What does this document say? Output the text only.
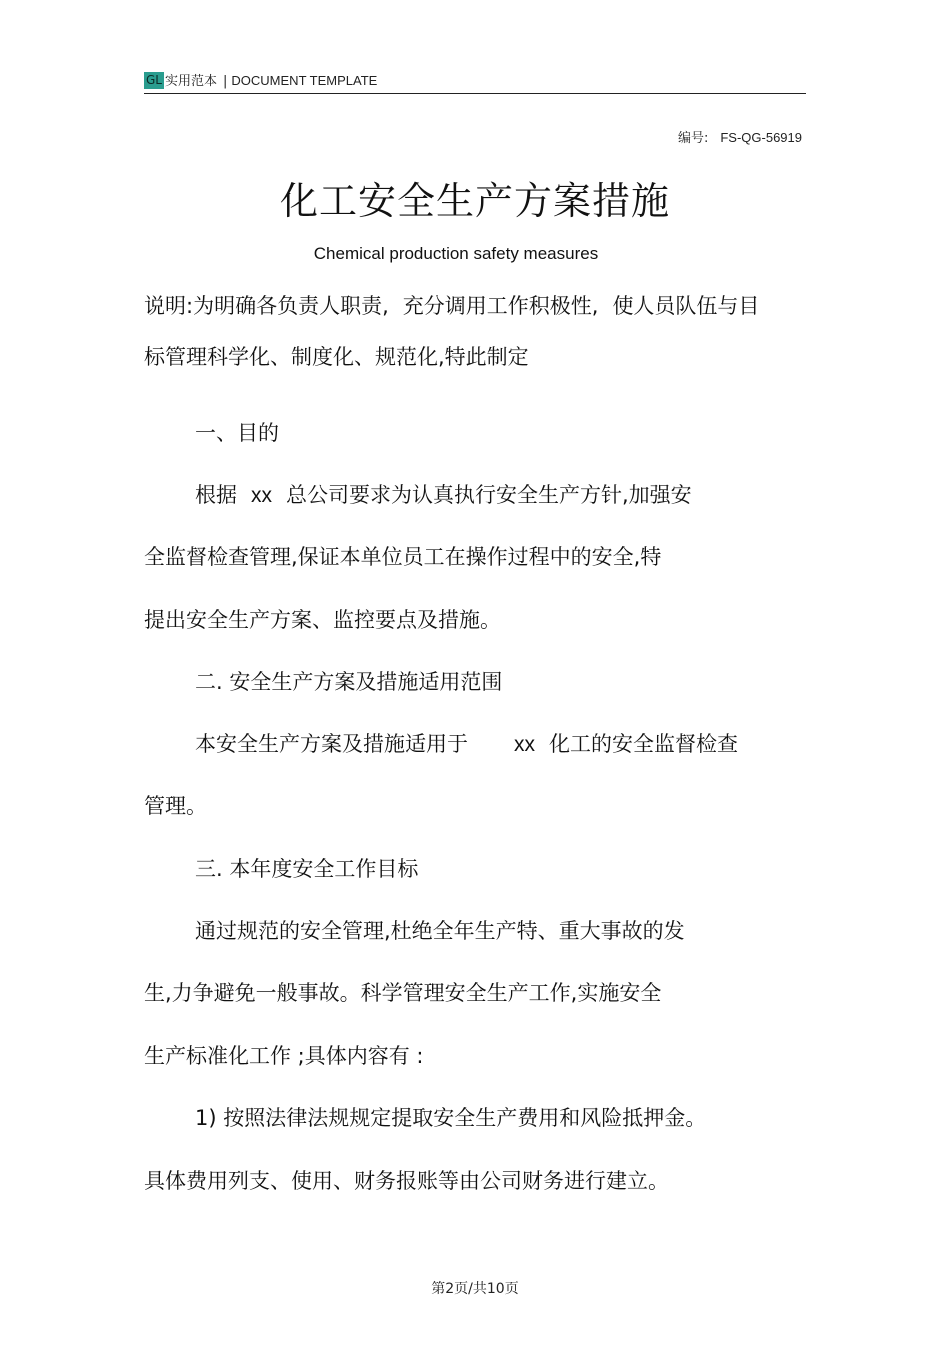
GL 实用范本 | DOCUMENT TEMPLATE
编号: FS-QG-56919
化工安全生产方案措施
Chemical production safety measures
说明:为明确各负责人职责, 充分调用工作积极性, 使人员队伍与目
标管理科学化、制度化、规范化,特此制定
一、目的
根据 xx 总公司要求为认真执行安全生产方针,加强安
全监督检查管理,保证本单位员工在操作过程中的安全,特
提出安全生产方案、监控要点及措施。
二. 安全生产方案及措施适用范围
本安全生产方案及措施适用于 xx 化工的安全监督检查
管理。
三. 本年度安全工作目标
通过规范的安全管理,杜绝全年生产特、重大事故的发
生,力争避免一般事故。科学管理安全生产工作,实施安全
生产标准化工作 ;具体内容有 :
1) 按照法律法规规定提取安全生产费用和风险抵押金。
具体费用列支、使用、财务报账等由公司财务进行建立。
第2页/共10页
